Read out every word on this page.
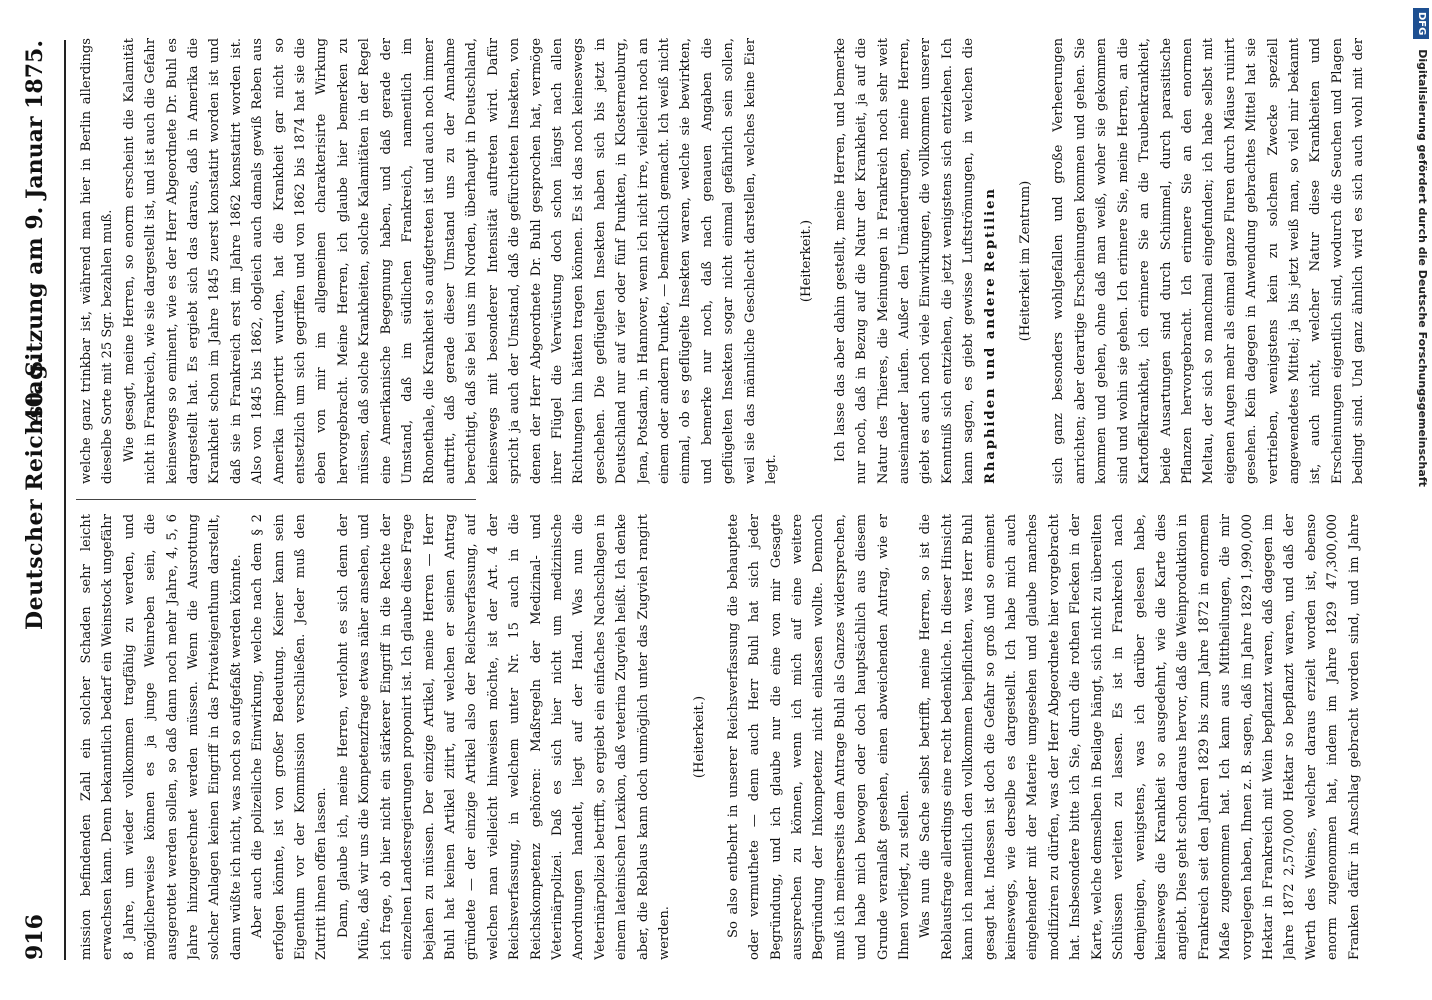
916
Deutscher Reichstag.
40. Sitzung am 9. Januar 1875.

mission befindenden Zahl ein solcher Schaden sehr leicht erwachsen kann. Denn bekanntlich bedarf ein Weinstock ungefähr 8 Jahre, um wieder vollkommen tragfähig zu werden, und möglicherweise können es ja junge Weinreben sein, die ausgerottet werden sollen, so daß dann noch mehr Jahre, 4, 5, 6 Jahre hinzugerechnet werden müssen. Wenn die Ausrottung solcher Anlagen keinen Eingriff in das Privateigenthum darstellt, dann wüßte ich nicht, was noch so aufgefaßt werden könnte. Aber auch die polizeiliche Einwirkung, welche nach dem § 2 erfolgen könnte, ist von großer Bedeutung. Keiner kann sein Eigenthum vor der Kommission verschließen. Jeder muß den Zutritt ihnen offen lassen. Dann, glaube ich, meine Herren, verlohnt es sich denn der Mühe, daß wir uns die Kompetenzfrage etwas näher ansehen, und ich frage, ob hier nicht ein stärkerer Eingriff in die Rechte der einzelnen Landesregierungen proponirt ist. Ich glaube diese Frage bejahen zu müssen. Der einzige Artikel, meine Herren — Herr Buhl hat keinen Artikel zitirt, auf welchen er seinen Antrag gründete — der einzige Artikel also der Reichsverfassung, auf welchen man vielleicht hinweisen möchte, ist der Art. 4 der Reichsverfassung, in welchem unter Nr. 15 auch in die Reichskompetenz gehören: Maßregeln der Medizinal- und Veterinärpolizei. Daß es sich hier nicht um medizinische Anordnungen handelt, liegt auf der Hand. Was nun die Veterinärpolizei betrifft, so ergiebt ein einfaches Nachschlagen in einem lateinischen Lexikon, daß veterina Zugvieh heißt. Ich denke aber, die Reblaus kann doch unmöglich unter das Zugvieh rangirt werden.

(Heiterkeit.) So also entbehrt in unserer Reichsverfassung die behauptete oder vermuthete — denn auch Herr Buhl hat sich jeder Begründung, und ich glaube nur die eine von mir Gesagte aussprechen zu können, wenn ich mich auf eine weitere Begründung der Inkompetenz nicht einlassen wollte. Dennoch muß ich meinerseits dem Antrage Buhl als Ganzes widersprechen, und habe mich bewogen oder doch hauptsächlich aus diesem Grunde veranlaßt gesehen, einen abweichenden Antrag, wie er Ihnen vorliegt, zu stellen. Was nun die Sache selbst betrifft, meine Herren, so ist die Reblausfrage allerdings eine recht bedenkliche. In dieser Hinsicht kann ich namentlich den vollkommen beipflichten, was Herr Buhl gesagt hat. Indessen ist doch die Gefahr so groß und so eminent keineswegs, wie derselbe es dargestellt. Ich habe mich auch eingehender mit der Materie umgesehen und glaube manches modifiziren zu dürfen, was der Herr Abgeordnete hier vorgebracht hat. Insbesondere bitte ich Sie, durch die rothen Flecken in der Karte, welche demselben in Beilage hängt, sich nicht zu übereilten Schlüssen verleiten zu lassen. Es ist in Frankreich nach demjenigen, wenigstens, was ich darüber gelesen habe, keineswegs die Krankheit so ausgedehnt, wie die Karte dies angiebt. Dies geht schon daraus hervor, daß die Weinproduktion in Frankreich seit den Jahren 1829 bis zum Jahre 1872 in enormem Maße zugenommen hat. Ich kann aus Mittheilungen, die mir vorgelegen haben, Ihnen z. B. sagen, daß im Jahre 1829 1,990,000 Hektar in Frankreich mit Wein bepflanzt waren, daß dagegen im Jahre 1872 2,570,000 Hektar so bepflanzt waren, und daß der Werth des Weines, welcher daraus erzielt worden ist, ebenso enorm zugenommen hat, indem im Jahre 1829 47,300,000 Franken dafür in Anschlag gebracht worden sind, und im Jahre

welche ganz trinkbar ist, während man hier in Berlin allerdings dieselbe Sorte mit 25 Sgr. bezahlen muß. Wie gesagt, meine Herren, so enorm erscheint die Kalamität nicht in Frankreich, wie sie dargestellt ist, und ist auch die Gefahr keineswegs so eminent, wie es der Herr Abgeordnete Dr. Buhl es dargestellt hat. Es ergiebt sich das daraus, daß in Amerika die Krankheit schon im Jahre 1845 zuerst konstatirt worden ist und daß sie in Frankreich erst im Jahre 1862 konstatirt worden ist. Also von 1845 bis 1862, obgleich auch damals gewiß Reben aus Amerika importirt wurden, hat die Krankheit gar nicht so entsetzlich um sich gegriffen und von 1862 bis 1874 hat sie die eben von mir im allgemeinen charakterisirte Wirkung hervorgebracht. Meine Herren, ich glaube hier bemerken zu müssen, daß solche Krankheiten, solche Kalamitäten in der Regel eine Amerikanische Begegnung haben, und daß gerade der Umstand, daß im südlichen Frankreich, namentlich im Rhonethale, die Krankheit so aufgetreten ist und auch noch immer auftritt, daß gerade dieser Umstand uns zu der Annahme berechtigt, daß sie bei uns im Norden, überhaupt in Deutschland, keineswegs mit besonderer Intensität auftreten wird. Dafür spricht ja auch der Umstand, daß die gefürchteten Insekten, von denen der Herr Abgeordnete Dr. Buhl gesprochen hat, vermöge ihrer Flügel die Verwüstung doch schon längst nach allen Richtungen hin hätten tragen können. Es ist das noch keineswegs geschehen. Die geflügelten Insekten haben sich bis jetzt in Deutschland nur auf vier oder fünf Punkten, in Klosterneuburg, Jena, Potsdam, in Hannover, wenn ich nicht irre, vielleicht noch an einem oder andern Punkte, — bemerklich gemacht. Ich weiß nicht einmal, ob es geflügelte Insekten waren, welche sie bewirkten, und bemerke nur noch, daß nach genauen Angaben die geflügelten Insekten sogar nicht einmal gefährlich sein sollen, weil sie das männliche Geschlecht darstellen, welches keine Eier legt.

(Heiterkeit.) Ich lasse das aber dahin gestellt, meine Herren, und bemerke nur noch, daß in Bezug auf die Natur der Krankheit, ja auf die Natur des Thieres, die Meinungen in Frankreich noch sehr weit auseinander laufen. Außer den Umänderungen, meine Herren, giebt es auch noch viele Einwirkungen, die vollkommen unserer Kenntniß sich entziehen, die jetzt wenigstens sich entziehen. Ich kann sagen, es giebt gewisse Luftströmungen, in welchen die Rhaphiden und andere Reptilien (Heiterkeit im Zentrum)

sich ganz besonders wohlgefallen und große Verheerungen anrichten; aber derartige Erscheinungen kommen und gehen. Sie kommen und gehen, ohne daß man weiß, woher sie gekommen sind und wohin sie gehen. Ich erinnere Sie, meine Herren, an die Kartoffelkrankheit, ich erinnere Sie an die Traubenkrankheit, beide Ausartungen sind durch Schimmel, durch parasitische Pflanzen hervorgebracht. Ich erinnere Sie an den enormen Meltau, der sich so manchmal eingefunden; ich habe selbst mit eigenen Augen mehr als einmal ganze Fluren durch Mäuse ruinirt gesehen. Kein dagegen in Anwendung gebrachtes Mittel hat sie vertrieben, wenigstens kein zu solchem Zwecke speziell angewendetes Mittel; ja bis jetzt weiß man, so viel mir bekannt ist, auch nicht, welcher Natur diese Krankheiten und Erscheinungen eigentlich sind, wodurch die Seuchen und Plagen bedingt sind. Und ganz ähnlich wird es sich auch wohl mit der

DFG Digitalisierung gefördert durch die Deutsche Forschungsgemeinschaft
